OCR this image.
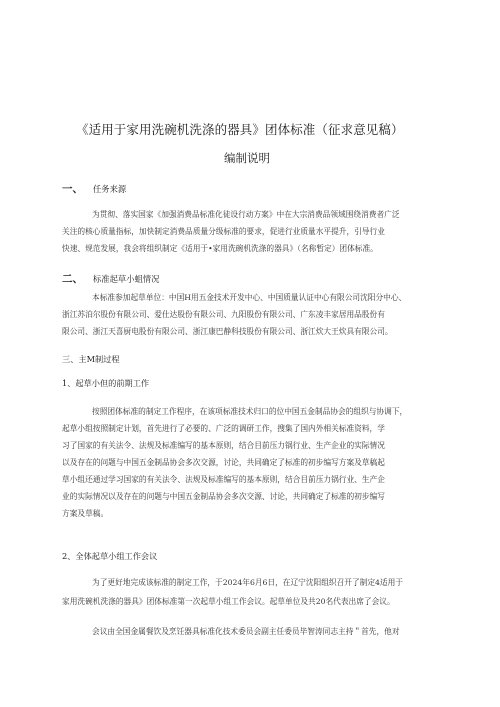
《适用于家用洗碗机洗涤的器具》团体标准（征求意见稿）
编制说明
一、 任务来源
为贯彻、落实国家《加强消费品标准化徒设行动方案》中在大宗消费品领域围绕消费者广泛
关注的核心质量指标，加快制定消费品质量分级标准的要求，促进行业质量水平提升，引导行业
快速、规范发展，我会将组织制定《适用于•家用洗碗机洗涤的器具》（名称暂定）团体标准。
二、 标准起草小蛆情况
本标准参加起草单位：中国H用五金技术开发中心、中国质量认证中心有限公司沈阳分中心、
浙江苏泊尔股份有限公司、爱仕达股份有限公司、九阳股份有限公司、广东凌丰家居用品股份有
限公司、浙江天喜厨电股份有限公司、浙江康巴静科技股份有限公司、浙江炊大王炊具有限公司。
三、主M制过程
1、起草小但的前期工作
按照团体标准的制定工作程序，在该项标准技术归口的位中国五金制品协会的组织与协调下，
起草小组按照制定计划，首先进行了必要的、广泛的调研工作，搜集了国内外相关标准资料，学
习了国家的有关法令、法规及标准编写的基本原则，结合目前压力锅行业、生产企业的实际情况
以及存在的问题与中国五金制品协会多次交源，讨论，共同确定了标准的初步编写方案及草稿起
草小组还通过学习国家的有关法令、法规及标准编写的基本原则，结合目前压力锅行业、生产企
业的实际情况以及存在的问题与中国五金制品协会多次交源、讨论，共同确定了标准的初步编写
方案及草稿。
2、全体起草小组工作会议
为了更好地完成该标准的制定工作，于2024年6月6日，在辽宁沈阳组织召开了制定4适用于
家用洗碗机洗涤的器具》团体标准第一次起草小组工作会议。起草单位及共20名代表出席了会议。
会议由全国金属餐饮及烹饪器具标准化技术委员会副主任委员毕智涛同志主持＂首先，他对
